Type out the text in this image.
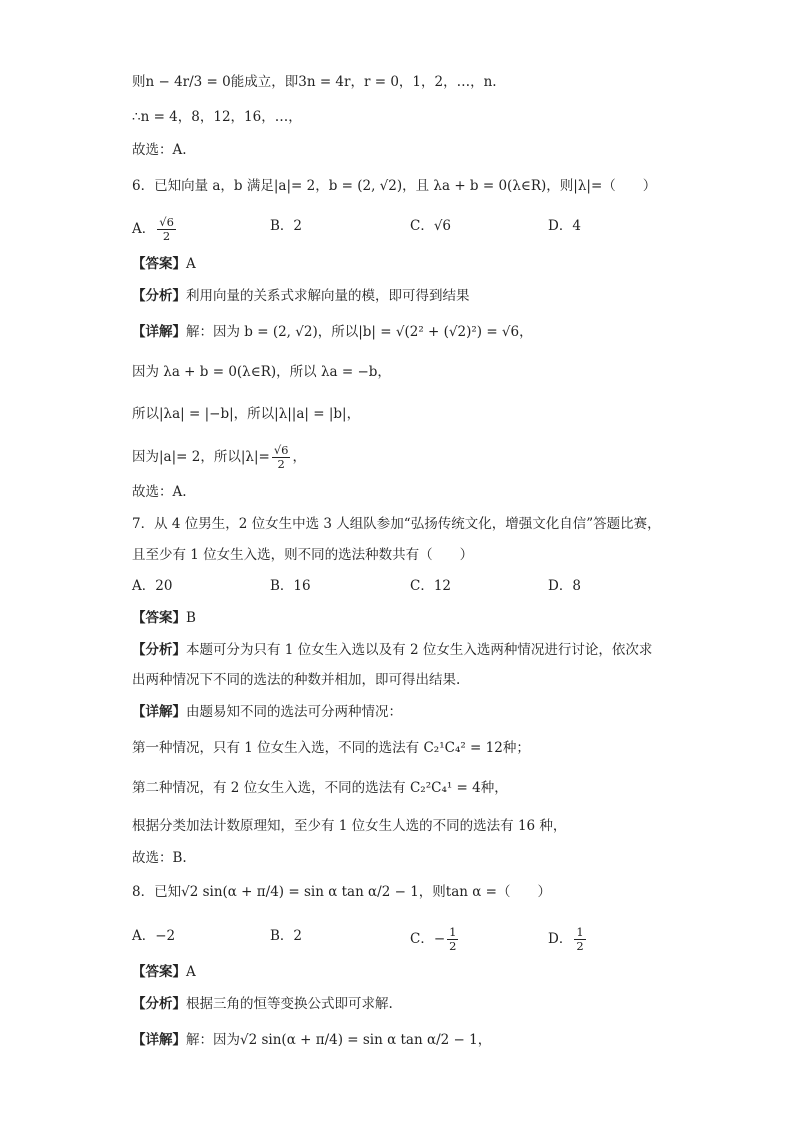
则n − 4r/3 = 0能成立，即3n = 4r，r = 0，1，2，…，n.
∴n = 4，8，12，16，…，
故选：A.
6．已知向量 a，b 满足|a|= 2，b = (2, √2)，且 λa + b = 0(λ∈R)，则|λ|=（　　）
A． $\frac{√6}{2}$	B．2	C．√6	D．4
【答案】A
【分析】利用向量的关系式求解向量的模，即可得到结果
【详解】解：因为 b = (2, √2)，所以|b| = √(2² + (√2)²) = √6，
因为 λa + b = 0(λ∈R)，所以 λa = −b，
所以|λa| = |−b|，所以|λ||a| = |b|，
因为|a|= 2，所以$|\lambda|= \frac{√6}{2}$ ，
故选：A.
7．从 4 位男生，2 位女生中选 3 人组队参加“弘扬传统文化，增强文化自信”答题比赛，
且至少有 1 位女生入选，则不同的选法种数共有（　　）
A．20	B．16	C．12	D．8
【答案】B
【分析】本题可分为只有 1 位女生入选以及有 2 位女生入选两种情况进行讨论，依次求
出两种情况下不同的选法的种数并相加，即可得出结果.
【详解】由题易知不同的选法可分两种情况：
第一种情况，只有 1 位女生入选，不同的选法有 C₂¹C₄² = 12种；
第二种情况，有 2 位女生入选，不同的选法有 C₂²C₄¹ = 4种，
根据分类加法计数原理知，至少有 1 位女生人选的不同的选法有 16 种，
故选：B.
8．已知√2 sin(α + π/4) = sin α tan α/2 − 1，则tan α =（　　）
A．−2	B．2	C．− $\frac{1}{2}$	D． $\frac{1}{2}$
【答案】A
【分析】根据三角的恒等变换公式即可求解.
【详解】解：因为√2 sin(α + π/4) = sin α tan α/2 − 1，
